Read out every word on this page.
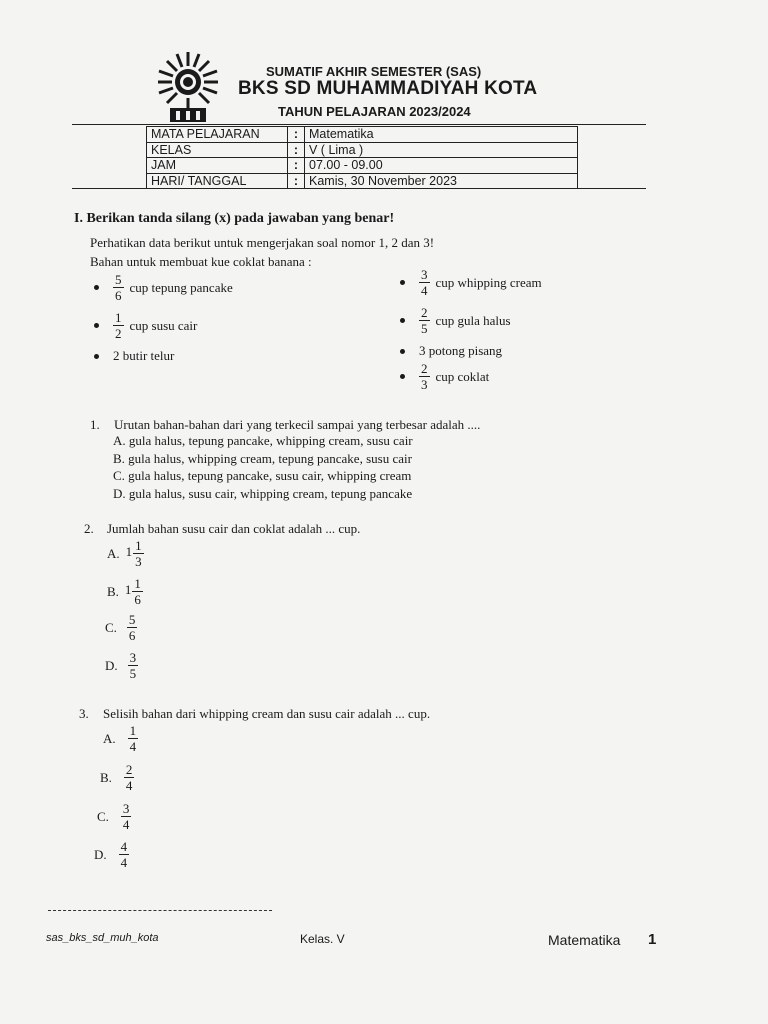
SUMATIF AKHIR SEMESTER (SAS)
BKS SD MUHAMMADIYAH KOTA
TAHUN PELAJARAN 2023/2024
MATA PELAJARAN	:	Matematika
KELAS	:	V ( Lima )
JAM	:	07.00 - 09.00
HARI/ TANGGAL	:	Kamis, 30 November 2023
I. Berikan tanda silang (x) pada jawaban yang benar!
Perhatikan data berikut untuk mengerjakan soal nomor 1, 2 dan 3!
Bahan untuk membuat kue coklat banana :
$\frac{5}{6}$ cup tepung pancake
$\frac{1}{2}$ cup susu cair
2 butir telur
$\frac{3}{4}$ cup whipping cream
$\frac{2}{5}$ cup gula halus
3 potong pisang
$\frac{2}{3}$ cup coklat
1. Urutan bahan-bahan dari yang terkecil sampai yang terbesar adalah ....
A. gula halus, tepung pancake, whipping cream, susu cair
B. gula halus, whipping cream, tepung pancake, susu cair
C. gula halus, tepung pancake, susu cair, whipping cream
D. gula halus, susu cair, whipping cream, tepung pancake
2. Jumlah bahan susu cair dan coklat adalah ... cup.
A. $1 \frac{1}{3}$
B. $1 \frac{1}{6}$
C. $\frac{5}{6}$
D. $\frac{3}{5}$
3. Selisih bahan dari whipping cream dan susu cair adalah ... cup.
A. $\frac{1}{4}$
B. $\frac{2}{4}$
C. $\frac{3}{4}$
D. $\frac{4}{4}$
sas_bks_sd_muh_kota	Kelas. V	Matematika 1
